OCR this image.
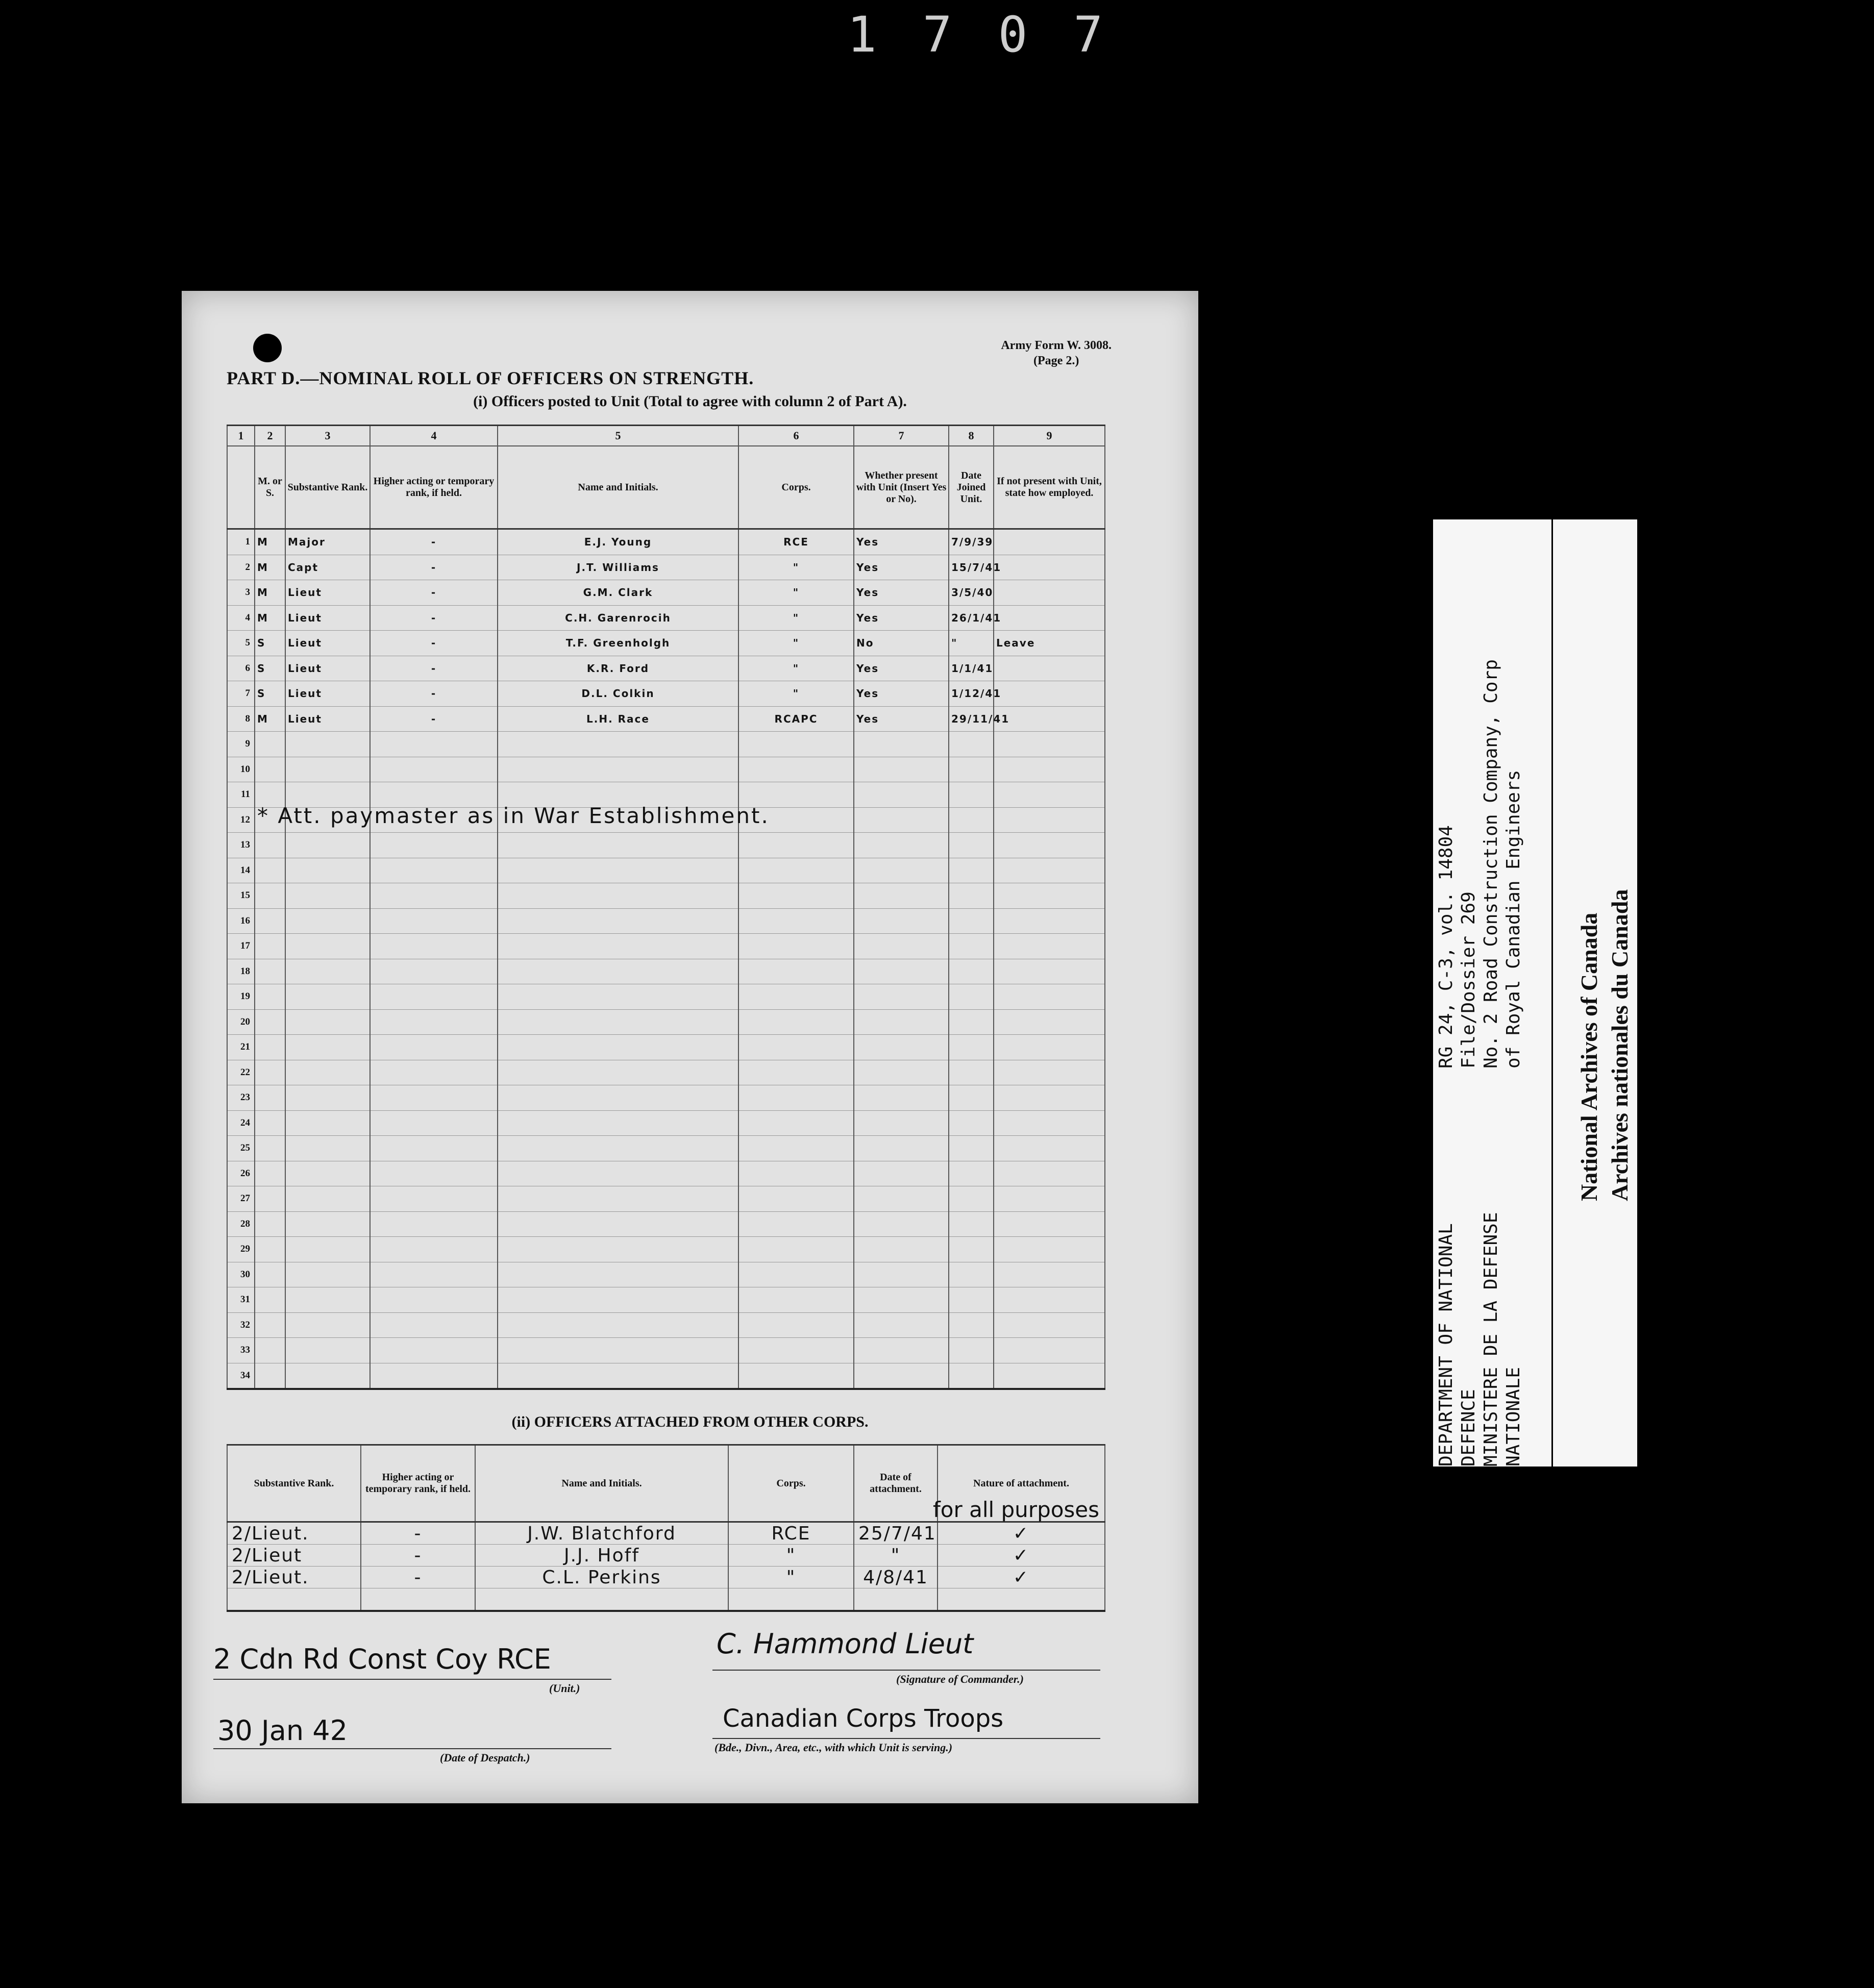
1707
Army Form W. 3008.
(Page 2.)
PART D.—NOMINAL ROLL OF OFFICERS ON STRENGTH.
(i) Officers posted to Unit (Total to agree with column 2 of Part A).
1	2	3	4	5	6	7	8	9
	M. or S.	Substantive Rank.	Higher acting or temporary rank, if held.	Name and Initials.	Corps.	Whether present with Unit (Insert Yes or No).	Date Joined Unit.	If not present with Unit, state how employed.
1	M	Major	-	E.J. Young	RCE	Yes	7/9/39	
2	M	Capt	-	J.T. Williams	"	Yes	15/7/41	
3	M	Lieut	-	G.M. Clark	"	Yes	3/5/40	
4	M	Lieut	-	C.H. Garenrocih	"	Yes	26/1/41	
5	S	Lieut	-	T.F. Greenholgh	"	No	"	Leave
6	S	Lieut	-	K.R. Ford	"	Yes	1/1/41	
7	S	Lieut	-	D.L. Colkin	"	Yes	1/12/41	
8	M	Lieut	-	L.H. Race	RCAPC	Yes	29/11/41	
9								
10								
11								
12								
13								
14								
15								
16								
17								
18								
19								
20								
21								
22								
23								
24								
25								
26								
27								
28								
29								
30								
31								
32								
33								
34								
* Att. paymaster as in War Establishment.
(ii) OFFICERS ATTACHED FROM OTHER CORPS.
Substantive Rank.	Higher acting or temporary rank, if held.	Name and Initials.	Corps.	Date of attachment.	Nature of attachment.
2/Lieut.	-	J.W. Blatchford	RCE	25/7/41	✓
2/Lieut	-	J.J. Hoff	"	"	✓
2/Lieut.	-	C.L. Perkins	"	4/8/41	✓

for all purposes
2 Cdn Rd Const Coy RCE
(Unit.)
30 Jan 42
(Date of Despatch.)
C. Hammond Lieut
(Signature of Commander.)
Canadian Corps Troops
(Bde., Divn., Area, etc., with which Unit is serving.)
DEPARTMENT OF NATIONAL DEFENCE MINISTERE DE LA DEFENSE NATIONALE
RG 24, C-3, vol. 14804 File/Dossier 269 No. 2 Road Construction Company, Corp of Royal Canadian Engineers National Archives of Canada Archives nationales du Canada
